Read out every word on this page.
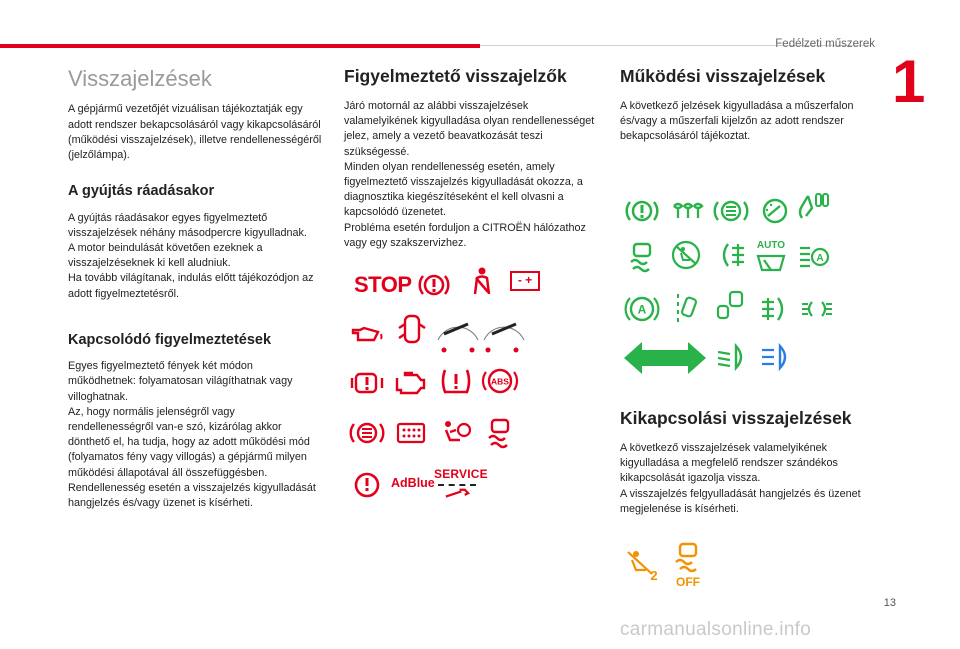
Fedélzeti műszerek
1
Visszajelzések

A gépjármű vezetőjét vizuálisan tájékoztatják egy adott rendszer bekapcsolásáról vagy kikapcsolásáról (működési visszajelzések), illetve rendellenességéről (jelzőlámpa).

A gyújtás ráadásakor

A gyújtás ráadásakor egyes figyelmeztető visszajelzések néhány másodpercre kigyulladnak.
A motor beindulását követően ezeknek a visszajelzéseknek ki kell aludniuk.
Ha tovább világítanak, indulás előtt tájékozódjon az adott figyelmeztetésről.

Kapcsolódó figyelmeztetések

Egyes figyelmeztető fények két módon működhetnek: folyamatosan világíthatnak vagy villoghatnak.
Az, hogy normális jelenségről vagy rendellenességről van-e szó, kizárólag akkor dönthető el, ha tudja, hogy az adott működési mód (folyamatos fény vagy villogás) a gépjármű milyen működési állapotával áll összefüggésben.
Rendellenesség esetén a visszajelzés kigyulladását hangjelzés és/vagy üzenet is kísérheti.

Figyelmeztető visszajelzők

Járó motornál az alábbi visszajelzések valamelyikének kigyulladása olyan rendellenességet jelez, amely a vezető beavatkozását teszi szükségessé.
Minden olyan rendellenesség esetén, amely figyelmeztető visszajelzés kigyulladását okozza, a diagnosztika kiegészítéseként el kell olvasni a kapcsolódó üzenetet.
Probléma esetén forduljon a CITROËN hálózathoz vagy egy szakszervizhez.

STOP	- +
ABS
AdBlue
SERVICE
Működési visszajelzések

A következő jelzések kigyulladása a műszerfalon és/vagy a műszerfali kijelzőn az adott rendszer bekapcsolásáról tájékoztat.

AUTO
A
A
Kikapcsolási visszajelzések

A következő visszajelzések valamelyikének kigyulladása a megfelelő rendszer szándékos kikapcsolását igazolja vissza.
A visszajelzés felgyulladását hangjelzés és üzenet megjelenése is kísérheti.

2 OFF
13
carmanualsonline.info
